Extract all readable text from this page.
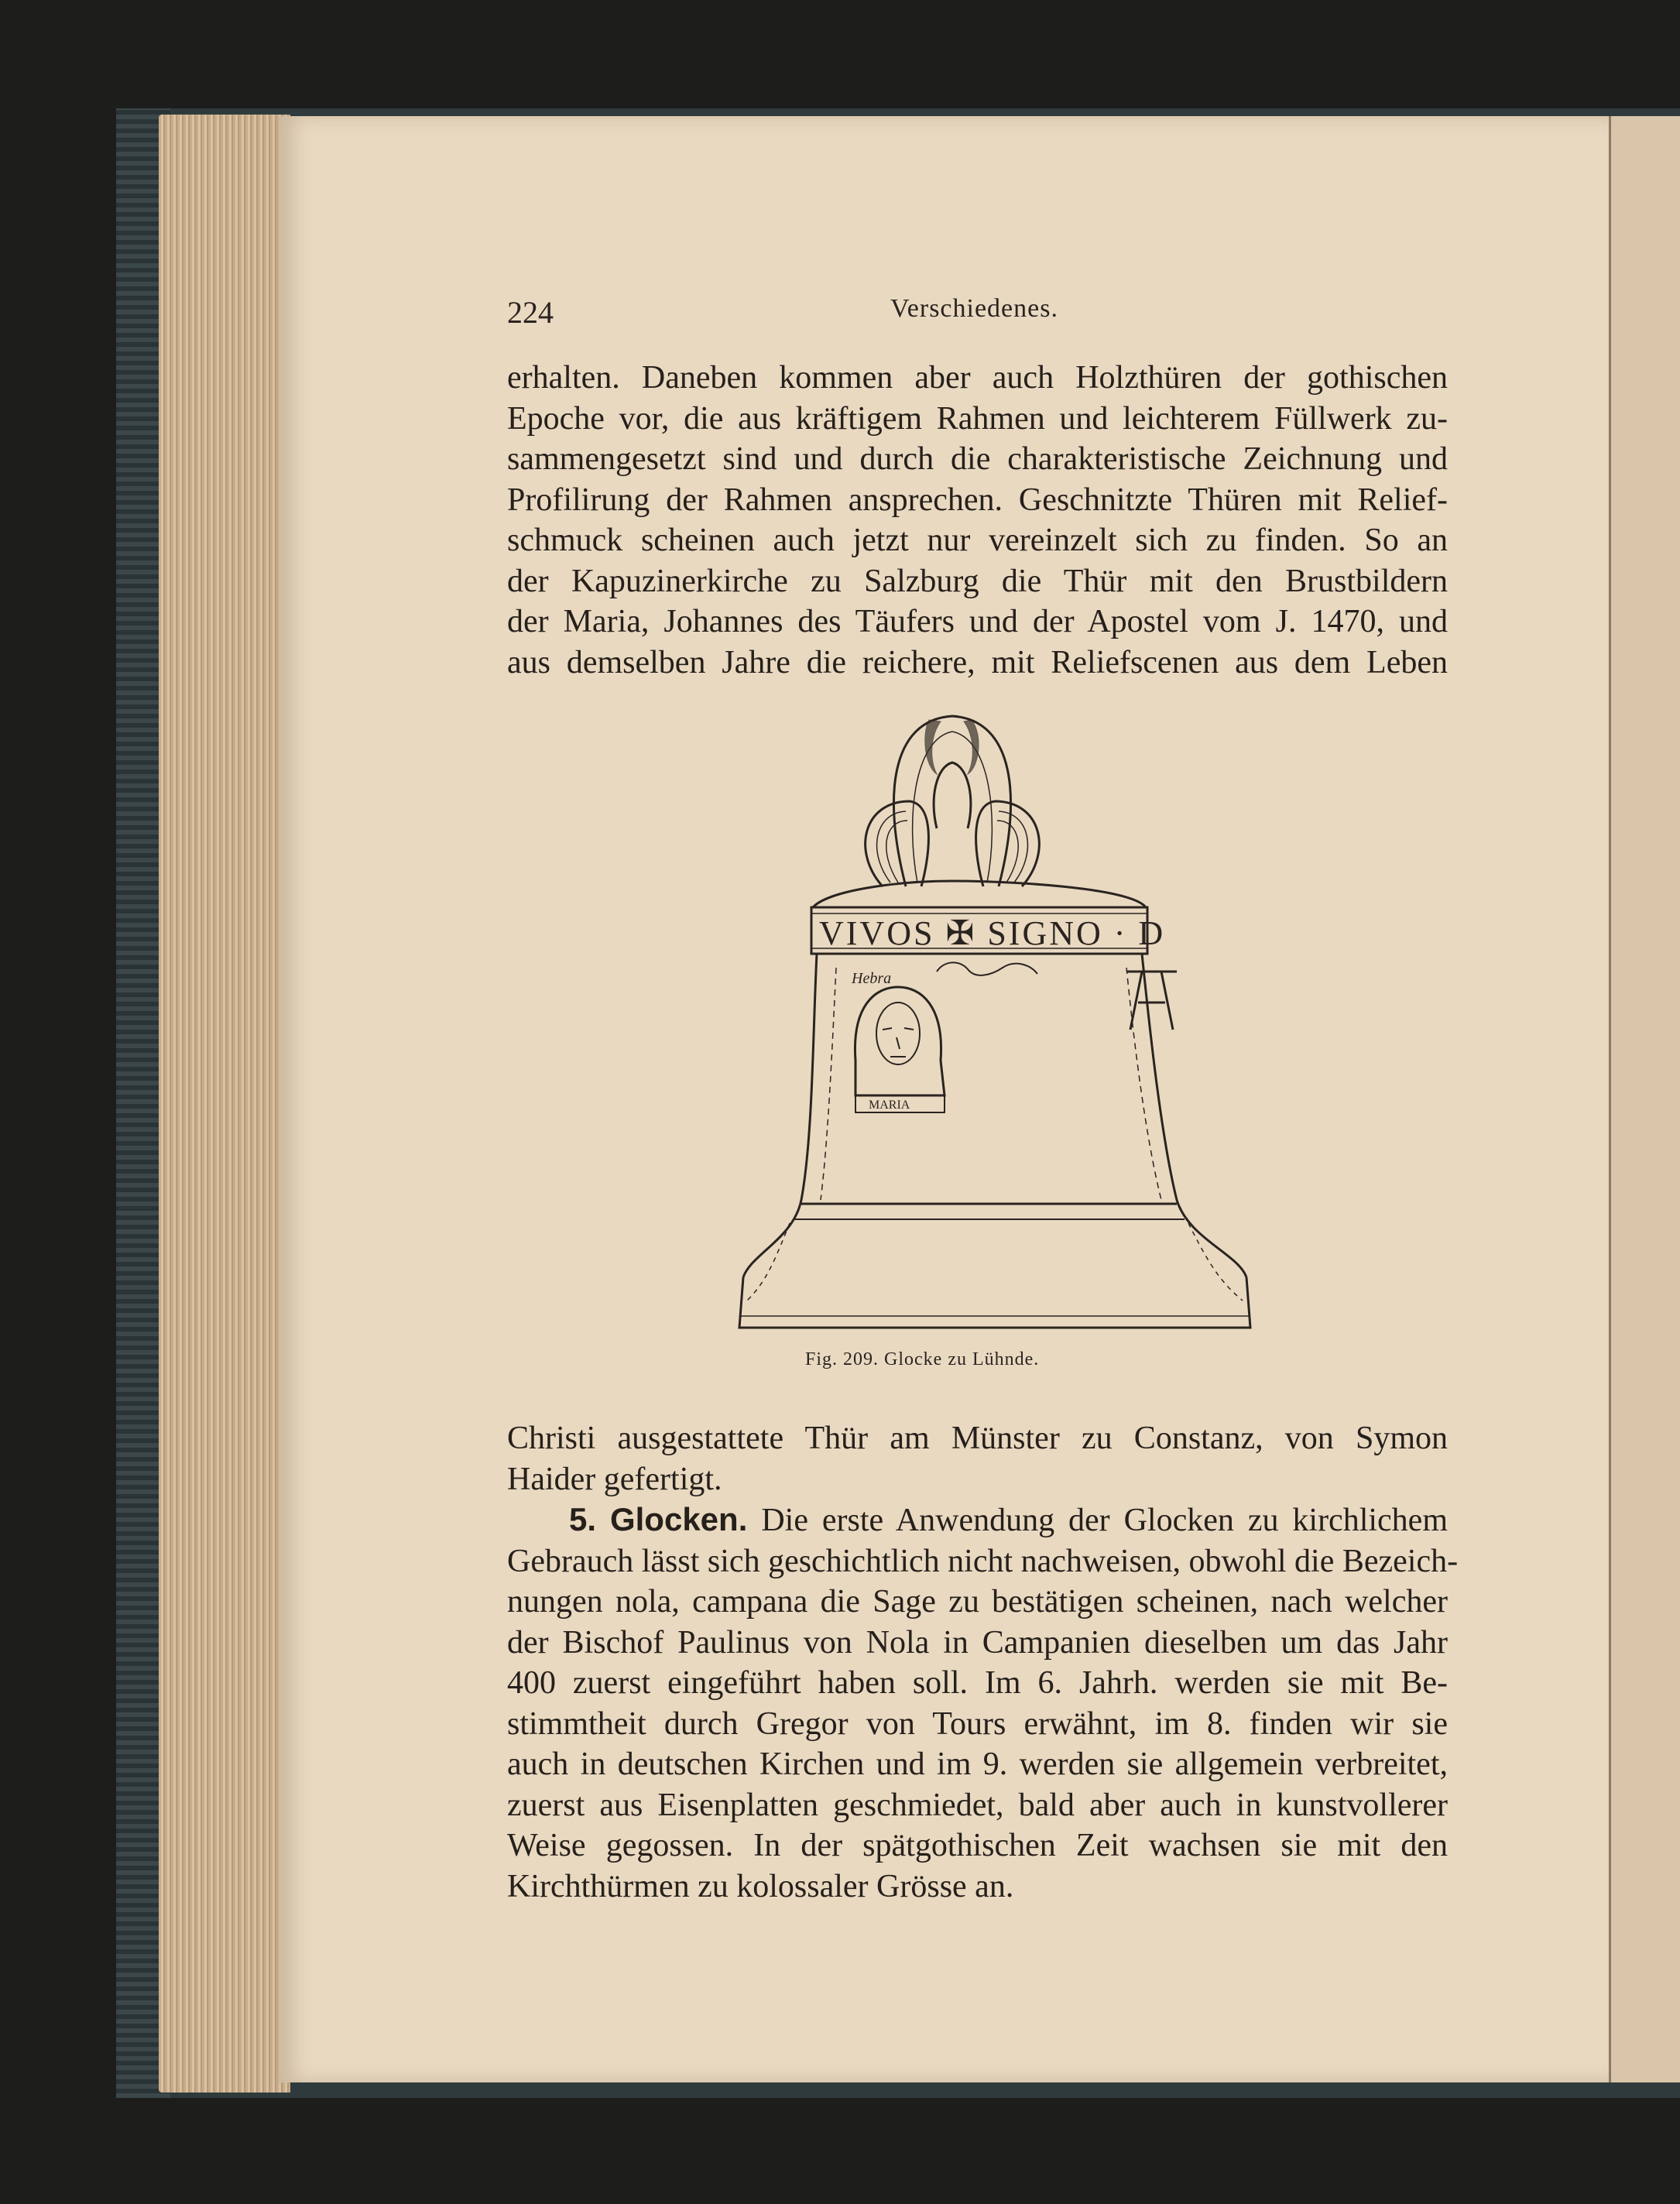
224	Verschiedenes.
erhalten. Daneben kommen aber auch Holzthüren der gothischen
Epoche vor, die aus kräftigem Rahmen und leichterem Füllwerk zu-
sammengesetzt sind und durch die charakteristische Zeichnung und
Profilirung der Rahmen ansprechen. Geschnitzte Thüren mit Relief-
schmuck scheinen auch jetzt nur vereinzelt sich zu finden. So an
der Kapuzinerkirche zu Salzburg die Thür mit den Brustbildern
der Maria, Johannes des Täufers und der Apostel vom J. 1470, und
aus demselben Jahre die reichere, mit Reliefscenen aus dem Leben
VIVOS ✠ SIGNO · D
Hebra
MARIA
Fig. 209. Glocke zu Lühnde.
Christi ausgestattete Thür am Münster zu Constanz, von Symon
Haider gefertigt.
5. Glocken. Die erste Anwendung der Glocken zu kirchlichem
Gebrauch lässt sich geschichtlich nicht nachweisen, obwohl die Bezeich-
nungen nola, campana die Sage zu bestätigen scheinen, nach welcher
der Bischof Paulinus von Nola in Campanien dieselben um das Jahr
400 zuerst eingeführt haben soll. Im 6. Jahrh. werden sie mit Be-
stimmtheit durch Gregor von Tours erwähnt, im 8. finden wir sie
auch in deutschen Kirchen und im 9. werden sie allgemein verbreitet,
zuerst aus Eisenplatten geschmiedet, bald aber auch in kunstvollerer
Weise gegossen. In der spätgothischen Zeit wachsen sie mit den
Kirchthürmen zu kolossaler Grösse an.
